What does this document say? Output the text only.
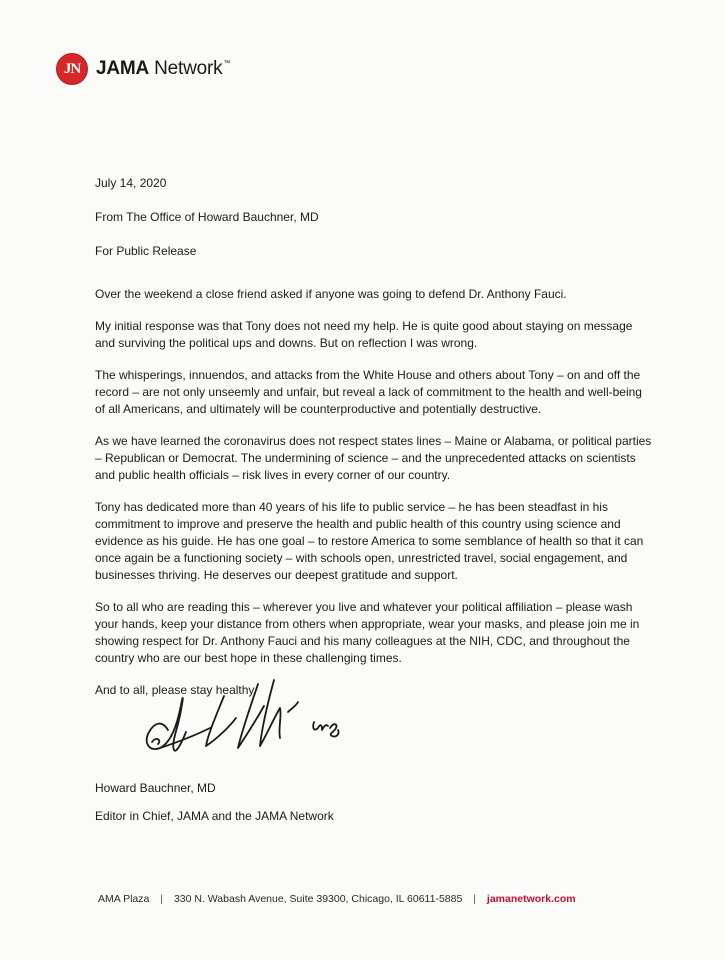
JN JAMA Network™

July 14, 2020

From The Office of Howard Bauchner, MD

For Public Release

Over the weekend a close friend asked if anyone was going to defend Dr. Anthony Fauci.

My initial response was that Tony does not need my help. He is quite good about staying on message and surviving the political ups and downs. But on reflection I was wrong.

The whisperings, innuendos, and attacks from the White House and others about Tony – on and off the record – are not only unseemly and unfair, but reveal a lack of commitment to the health and well-being of all Americans, and ultimately will be counterproductive and potentially destructive.

As we have learned the coronavirus does not respect states lines – Maine or Alabama, or political parties – Republican or Democrat. The undermining of science – and the unprecedented attacks on scientists and public health officials – risk lives in every corner of our country.

Tony has dedicated more than 40 years of his life to public service – he has been steadfast in his commitment to improve and preserve the health and public health of this country using science and evidence as his guide. He has one goal – to restore America to some semblance of health so that it can once again be a functioning society – with schools open, unrestricted travel, social engagement, and businesses thriving. He deserves our deepest gratitude and support.

So to all who are reading this – wherever you live and whatever your political affiliation – please wash your hands, keep your distance from others when appropriate, wear your masks, and please join me in showing respect for Dr. Anthony Fauci and his many colleagues at the NIH, CDC, and throughout the country who are our best hope in these challenging times.

And to all, please stay healthy.

Howard Bauchner, MD
Editor in Chief, JAMA and the JAMA Network
AMA Plaza | 330 N. Wabash Avenue, Suite 39300, Chicago, IL 60611-5885 | jamanetwork.com
